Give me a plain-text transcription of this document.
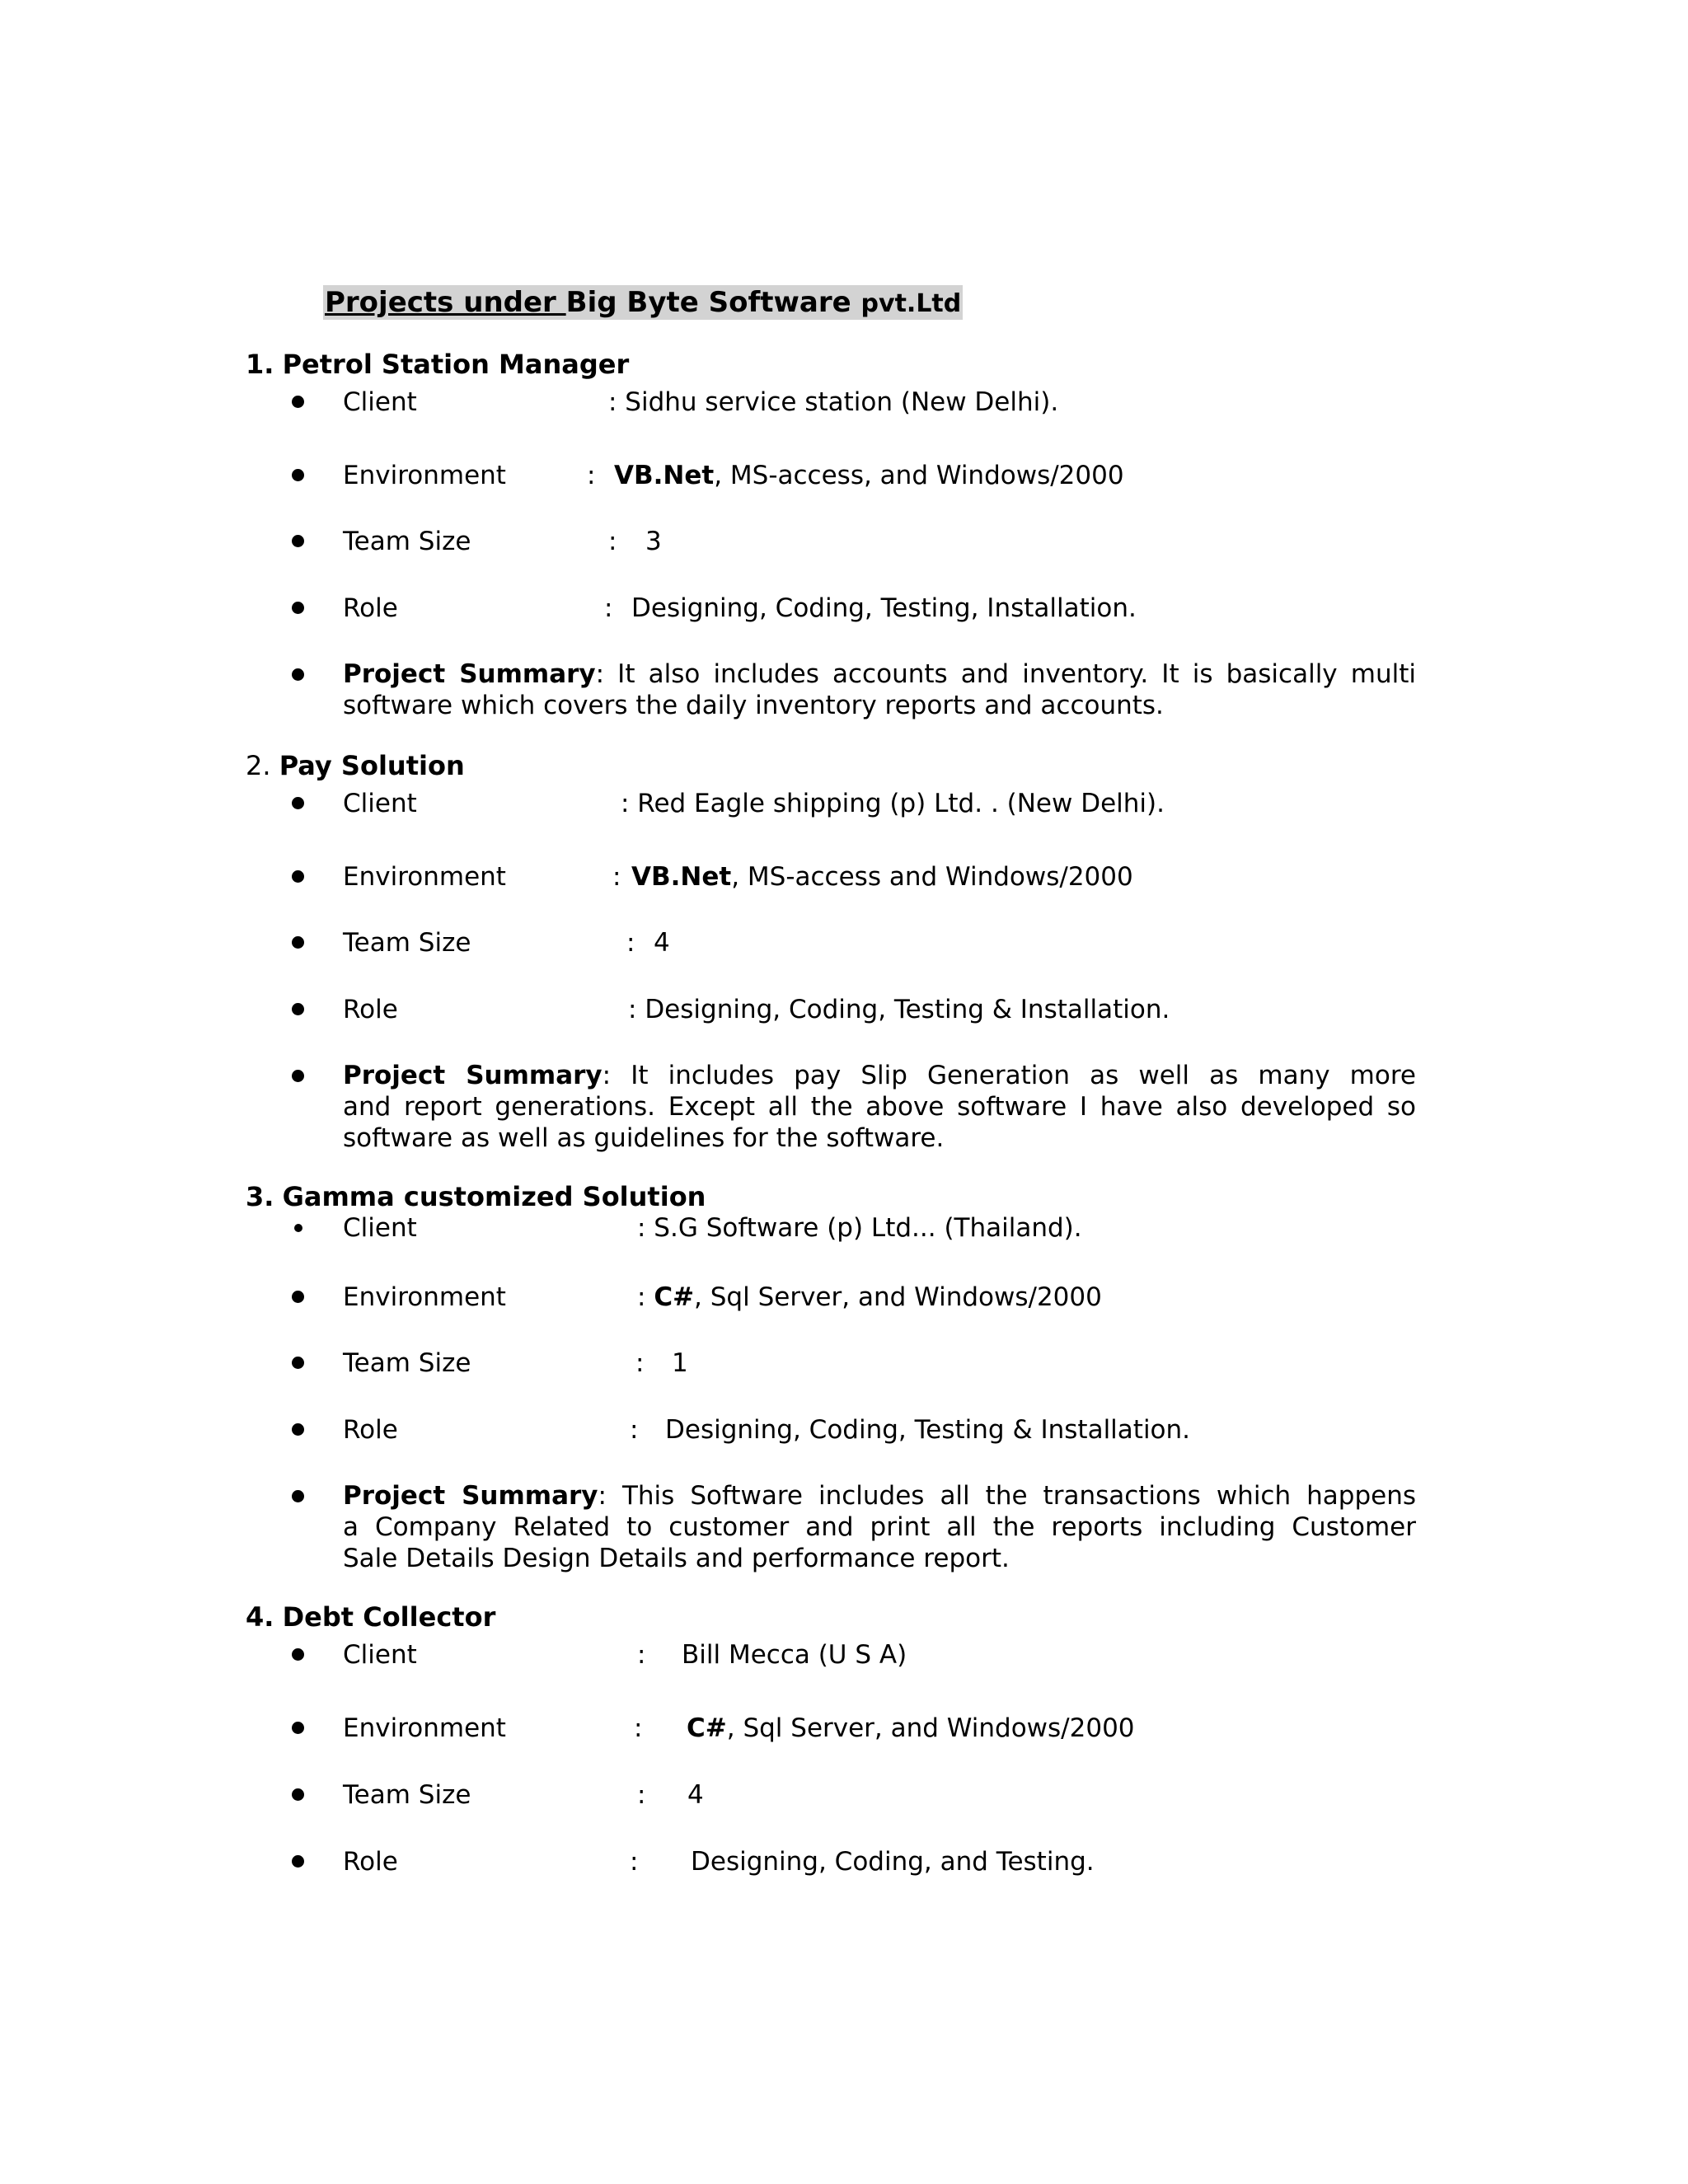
Projects under Big Byte Software pvt.Ltd
1. Petrol Station Manager
Client	: Sidhu service station (New Delhi).
Environment	: VB.Net, MS-access, and Windows/2000
Team Size	: 3
Role	: Designing, Coding, Testing, Installation.
Project Summary: It also includes accounts and inventory. It is basically multi
software which covers the daily inventory reports and accounts.
2. Pay Solution
Client	: Red Eagle shipping (p) Ltd. . (New Delhi).
Environment	: VB.Net, MS-access and Windows/2000
Team Size	: 4
Role	: Designing, Coding, Testing & Installation.
Project Summary: It includes pay Slip Generation as well as many more
and report generations. Except all the above software I have also developed so
software as well as guidelines for the software.
3. Gamma customized Solution
Client	: S.G Software (p) Ltd... (Thailand).
Environment	: C#, Sql Server, and Windows/2000
Team Size	: 1
Role	: Designing, Coding, Testing & Installation.
Project Summary: This Software includes all the transactions which happens
a Company Related to customer and print all the reports including Customer
Sale Details Design Details and performance report.
4. Debt Collector
Client	: Bill Mecca (U S A)
Environment	: C#, Sql Server, and Windows/2000
Team Size	: 4
Role	: Designing, Coding, and Testing.
